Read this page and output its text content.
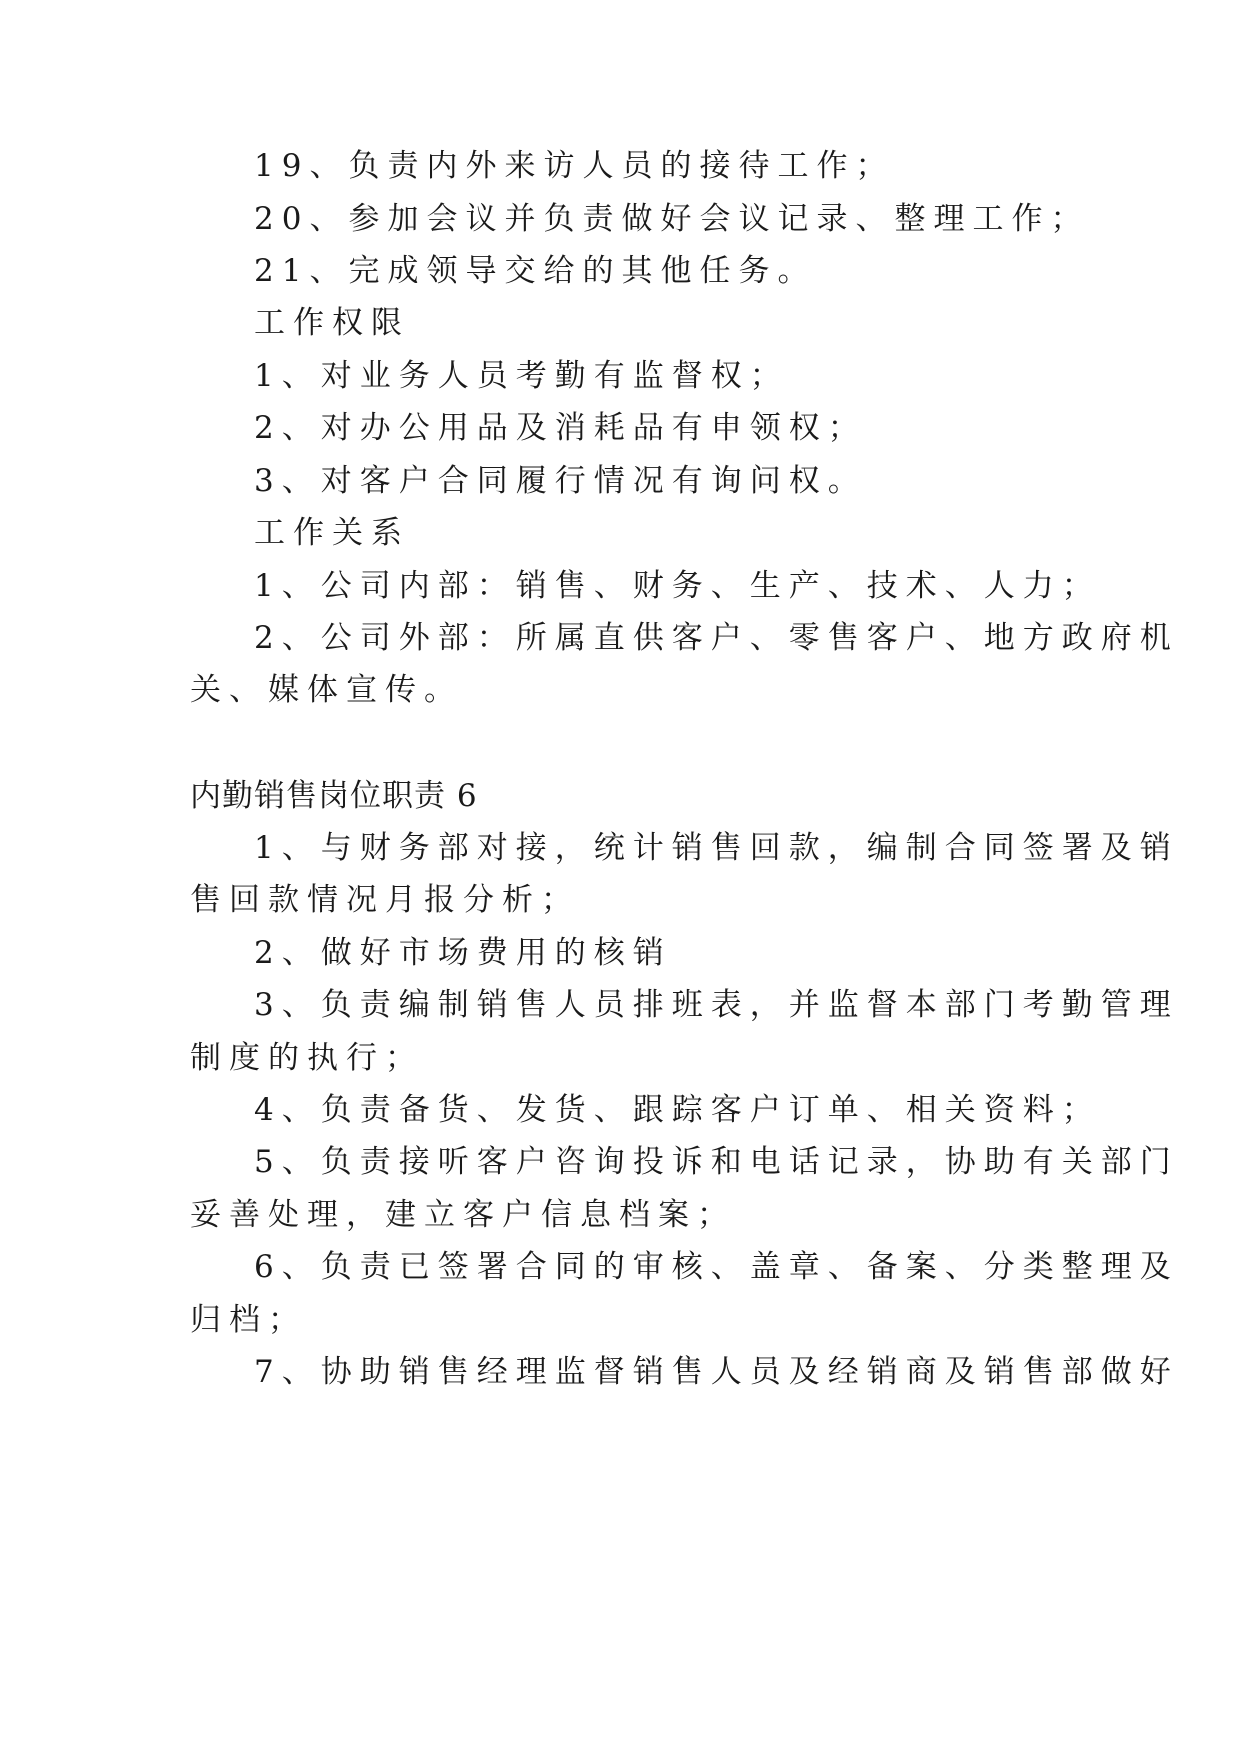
19、负责内外来访人员的接待工作；
20、参加会议并负责做好会议记录、整理工作；
21、完成领导交给的其他任务。
工作权限
1、对业务人员考勤有监督权；
2、对办公用品及消耗品有申领权；
3、对客户合同履行情况有询问权。
工作关系
1、公司内部：销售、财务、生产、技术、人力；
2、公司外部：所属直供客户、零售客户、地方政府机
关、媒体宣传。
内勤销售岗位职责 6
1、与财务部对接，统计销售回款，编制合同签署及销
售回款情况月报分析；
2、做好市场费用的核销
3、负责编制销售人员排班表，并监督本部门考勤管理
制度的执行；
4、负责备货、发货、跟踪客户订单、相关资料；
5、负责接听客户咨询投诉和电话记录，协助有关部门
妥善处理，建立客户信息档案；
6、负责已签署合同的审核、盖章、备案、分类整理及
归档；
7、协助销售经理监督销售人员及经销商及销售部做好
